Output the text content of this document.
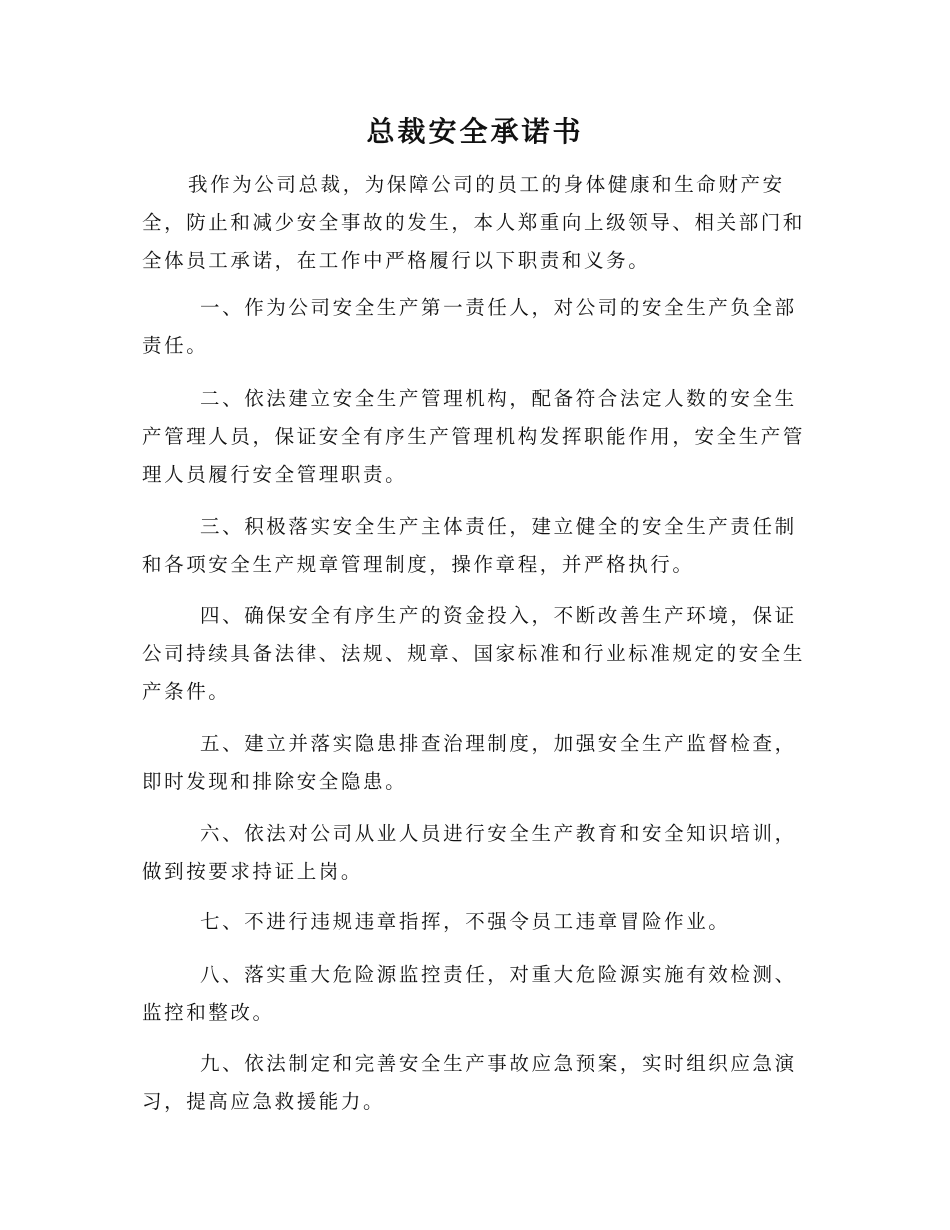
总裁安全承诺书

我作为公司总裁，为保障公司的员工的身体健康和生命财产安全，防止和减少安全事故的发生，本人郑重向上级领导、相关部门和全体员工承诺，在工作中严格履行以下职责和义务。

一、作为公司安全生产第一责任人，对公司的安全生产负全部责任。

二、依法建立安全生产管理机构，配备符合法定人数的安全生产管理人员，保证安全有序生产管理机构发挥职能作用，安全生产管理人员履行安全管理职责。

三、积极落实安全生产主体责任，建立健全的安全生产责任制和各项安全生产规章管理制度，操作章程，并严格执行。

四、确保安全有序生产的资金投入，不断改善生产环境，保证公司持续具备法律、法规、规章、国家标准和行业标准规定的安全生产条件。

五、建立并落实隐患排查治理制度，加强安全生产监督检查，即时发现和排除安全隐患。

六、依法对公司从业人员进行安全生产教育和安全知识培训，做到按要求持证上岗。

七、不进行违规违章指挥，不强令员工违章冒险作业。

八、落实重大危险源监控责任，对重大危险源实施有效检测、监控和整改。

九、依法制定和完善安全生产事故应急预案，实时组织应急演习，提高应急救援能力。
